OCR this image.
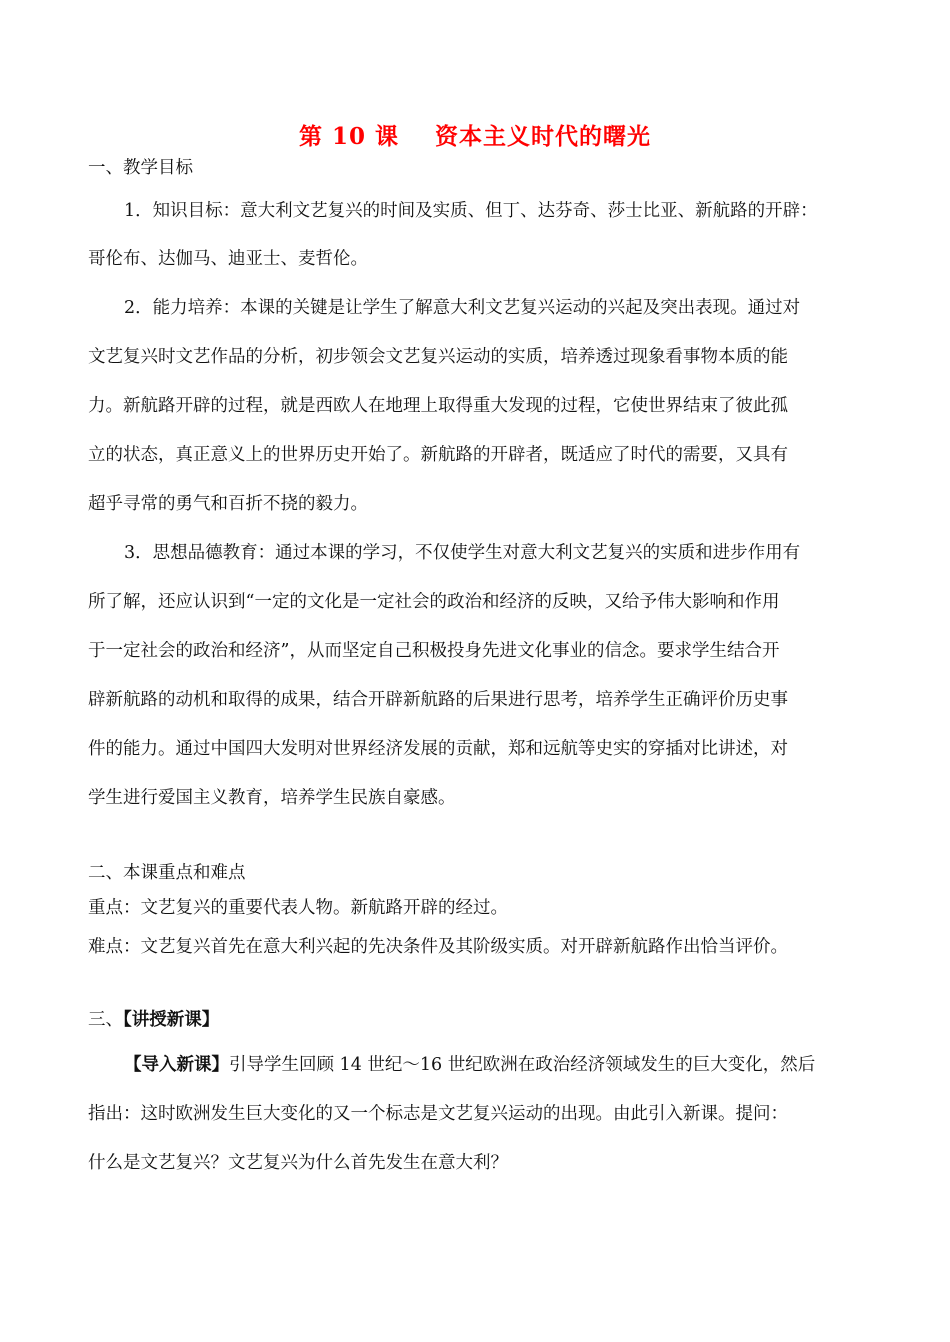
第 10 课 资本主义时代的曙光
一、教学目标
1．知识目标：意大利文艺复兴的时间及实质、但丁、达芬奇、莎士比亚、新航路的开辟：
哥伦布、达伽马、迪亚士、麦哲伦。
2．能力培养：本课的关键是让学生了解意大利文艺复兴运动的兴起及突出表现。通过对
文艺复兴时文艺作品的分析，初步领会文艺复兴运动的实质，培养透过现象看事物本质的能
力。新航路开辟的过程，就是西欧人在地理上取得重大发现的过程，它使世界结束了彼此孤
立的状态，真正意义上的世界历史开始了。新航路的开辟者，既适应了时代的需要，又具有
超乎寻常的勇气和百折不挠的毅力。
3．思想品德教育：通过本课的学习，不仅使学生对意大利文艺复兴的实质和进步作用有
所了解，还应认识到“一定的文化是一定社会的政治和经济的反映，又给予伟大影响和作用
于一定社会的政治和经济”，从而坚定自己积极投身先进文化事业的信念。要求学生结合开
辟新航路的动机和取得的成果，结合开辟新航路的后果进行思考，培养学生正确评价历史事
件的能力。通过中国四大发明对世界经济发展的贡献，郑和远航等史实的穿插对比讲述，对
学生进行爱国主义教育，培养学生民族自豪感。
二、本课重点和难点
重点：文艺复兴的重要代表人物。新航路开辟的经过。
难点：文艺复兴首先在意大利兴起的先决条件及其阶级实质。对开辟新航路作出恰当评价。
三、【讲授新课】
【导入新课】引导学生回顾 14 世纪～16 世纪欧洲在政治经济领域发生的巨大变化，然后
指出：这时欧洲发生巨大变化的又一个标志是文艺复兴运动的出现。由此引入新课。提问：
什么是文艺复兴？文艺复兴为什么首先发生在意大利？
